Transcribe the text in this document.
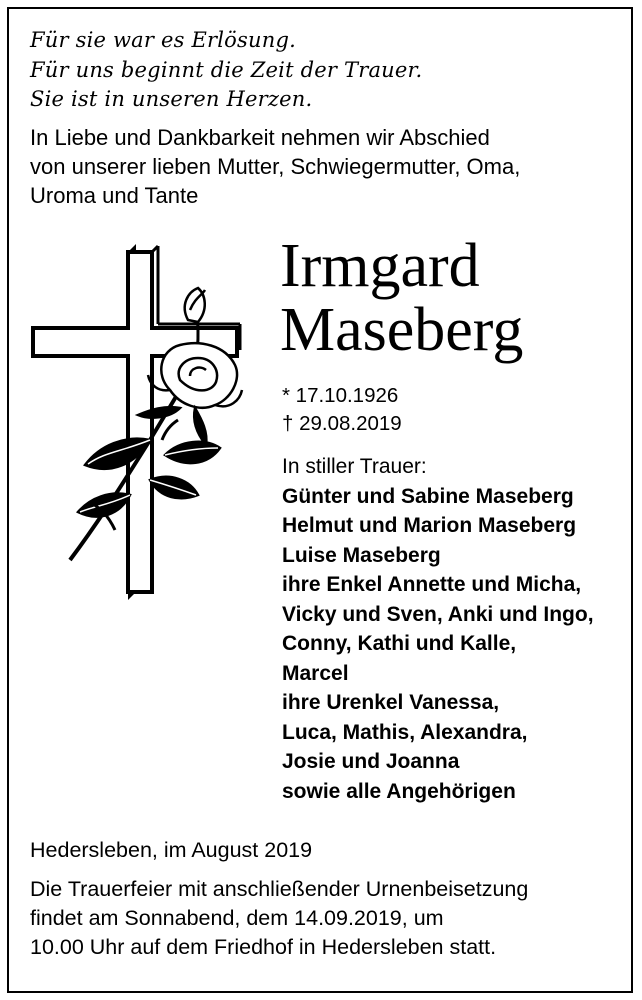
Für sie war es Erlösung.
Für uns beginnt die Zeit der Trauer.
Sie ist in unseren Herzen.
In Liebe und Dankbarkeit nehmen wir Abschied
von unserer lieben Mutter, Schwiegermutter, Oma,
Uroma und Tante
Irmgard
Maseberg
* 17.10.1926
† 29.08.2019
In stiller Trauer:
Günter und Sabine Maseberg
Helmut und Marion Maseberg
Luise Maseberg
ihre Enkel Annette und Micha,
Vicky und Sven, Anki und Ingo,
Conny, Kathi und Kalle,
Marcel
ihre Urenkel Vanessa,
Luca, Mathis, Alexandra,
Josie und Joanna
sowie alle Angehörigen
Hedersleben, im August 2019
Die Trauerfeier mit anschließender Urnenbeisetzung
findet am Sonnabend, dem 14.09.2019, um
10.00 Uhr auf dem Friedhof in Hedersleben statt.
